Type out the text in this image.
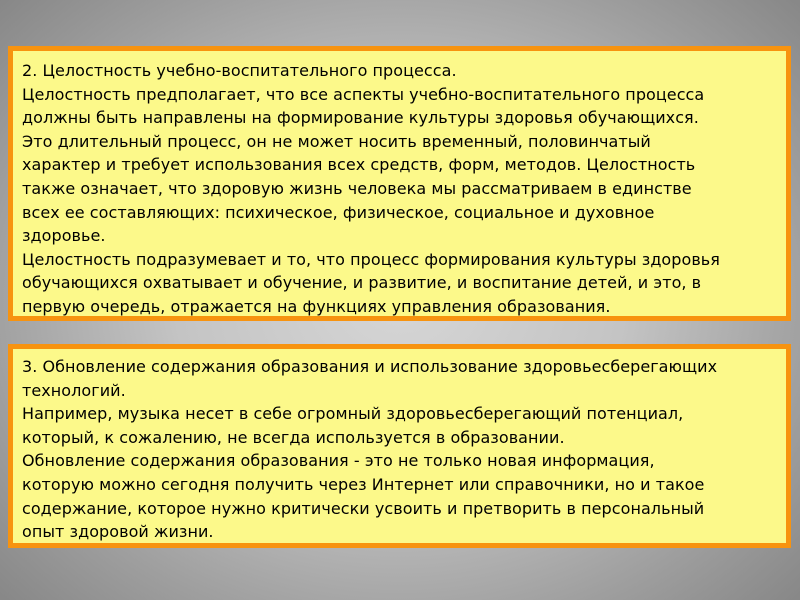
2. Целостность учебно-воспитательного процесса.

Целостность предполагает, что все аспекты учебно-воспитательного процесса

должны быть направлены на формирование культуры здоровья обучающихся.

Это длительный процесс, он не может носить временный, половинчатый

характер и требует использования всех средств, форм, методов. Целостность

также означает, что здоровую жизнь человека мы рассматриваем в единстве

всех ее составляющих: психическое, физическое, социальное и духовное

здоровье.

Целостность подразумевает и то, что процесс формирования культуры здоровья

обучающихся охватывает и обучение, и развитие, и воспитание детей, и это, в

первую очередь, отражается на функциях управления образования.

3. Обновление содержания образования и использование здоровьесберегающих

технологий.

Например, музыка несет в себе огромный здоровьесберегающий потенциал,

который, к сожалению, не всегда используется в образовании.

Обновление содержания образования - это не только новая информация,

которую можно сегодня получить через Интернет или справочники, но и такое

содержание, которое нужно критически усвоить и претворить в персональный

опыт здоровой жизни.
